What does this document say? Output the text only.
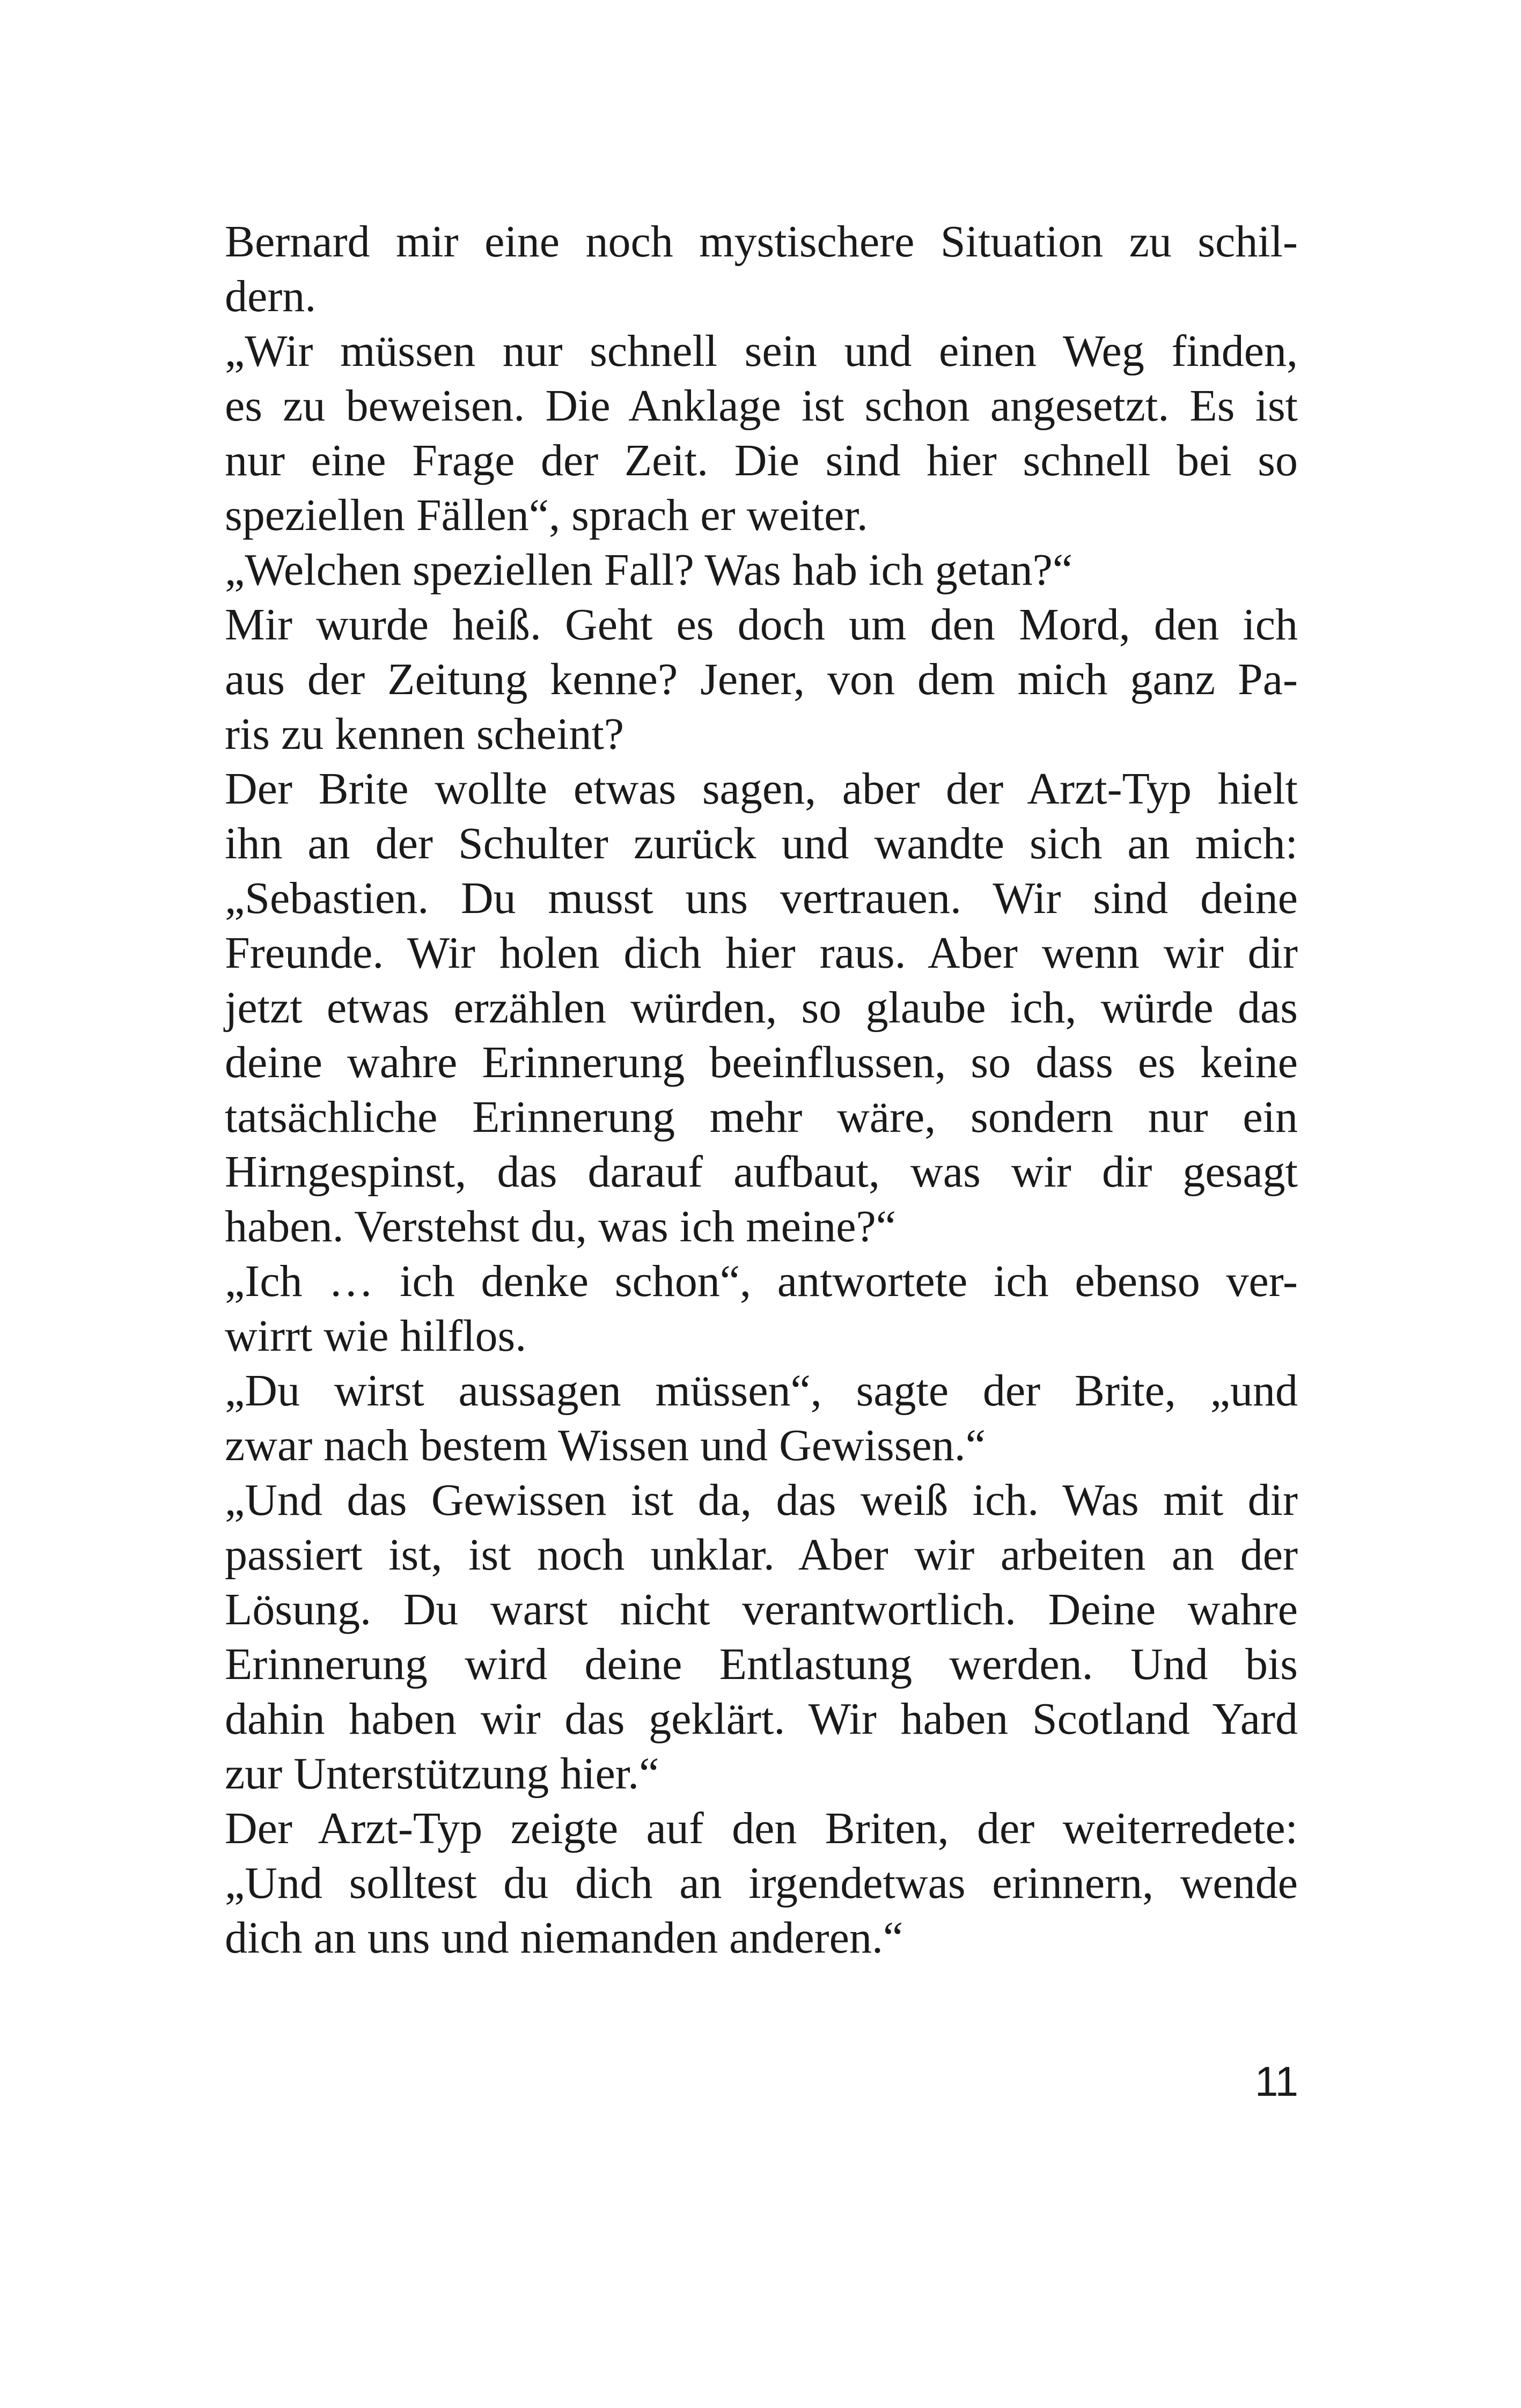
Bernard mir eine noch mystischere Situation zu schil-
dern.
„Wir müssen nur schnell sein und einen Weg finden,
es zu beweisen. Die Anklage ist schon angesetzt. Es ist
nur eine Frage der Zeit. Die sind hier schnell bei so
speziellen Fällen“, sprach er weiter.
„Welchen speziellen Fall? Was hab ich getan?“
Mir wurde heiß. Geht es doch um den Mord, den ich
aus der Zeitung kenne? Jener, von dem mich ganz Pa-
ris zu kennen scheint?
Der Brite wollte etwas sagen, aber der Arzt-Typ hielt
ihn an der Schulter zurück und wandte sich an mich:
„Sebastien. Du musst uns vertrauen. Wir sind deine
Freunde. Wir holen dich hier raus. Aber wenn wir dir
jetzt etwas erzählen würden, so glaube ich, würde das
deine wahre Erinnerung beeinflussen, so dass es keine
tatsächliche Erinnerung mehr wäre, sondern nur ein
Hirngespinst, das darauf aufbaut, was wir dir gesagt
haben. Verstehst du, was ich meine?“
„Ich … ich denke schon“, antwortete ich ebenso ver-
wirrt wie hilflos.
„Du wirst aussagen müssen“, sagte der Brite, „und
zwar nach bestem Wissen und Gewissen.“
„Und das Gewissen ist da, das weiß ich. Was mit dir
passiert ist, ist noch unklar. Aber wir arbeiten an der
Lösung. Du warst nicht verantwortlich. Deine wahre
Erinnerung wird deine Entlastung werden. Und bis
dahin haben wir das geklärt. Wir haben Scotland Yard
zur Unterstützung hier.“
Der Arzt-Typ zeigte auf den Briten, der weiterredete:
„Und solltest du dich an irgendetwas erinnern, wende
dich an uns und niemanden anderen.“
11
